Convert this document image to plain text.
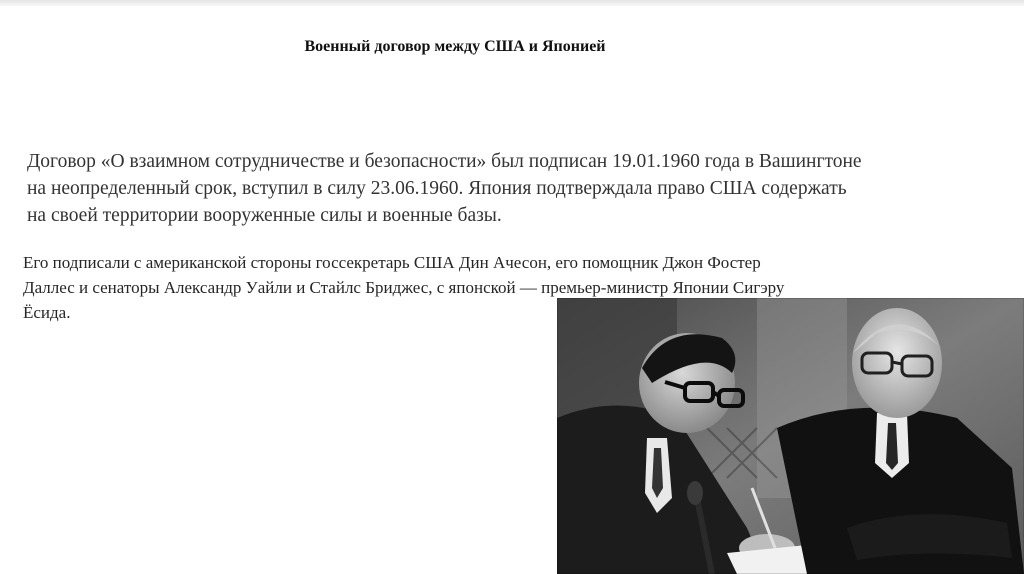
Военный договор между США и Японией

Договор «О взаимном сотрудничестве и безопасности» был подписан 19.01.1960 года в Вашингтоне на неопределенный срок, вступил в силу 23.06.1960. Япония подтверждала право США содержать на своей территории вооруженные силы и военные базы.

Его подписали с американской стороны госсекретарь США Дин Ачесон, его помощник Джон Фостер Даллес и сенаторы Александр Уайли и Стайлс Бриджес, с японской — премьер-министр Японии Сигэру Ёсида.
